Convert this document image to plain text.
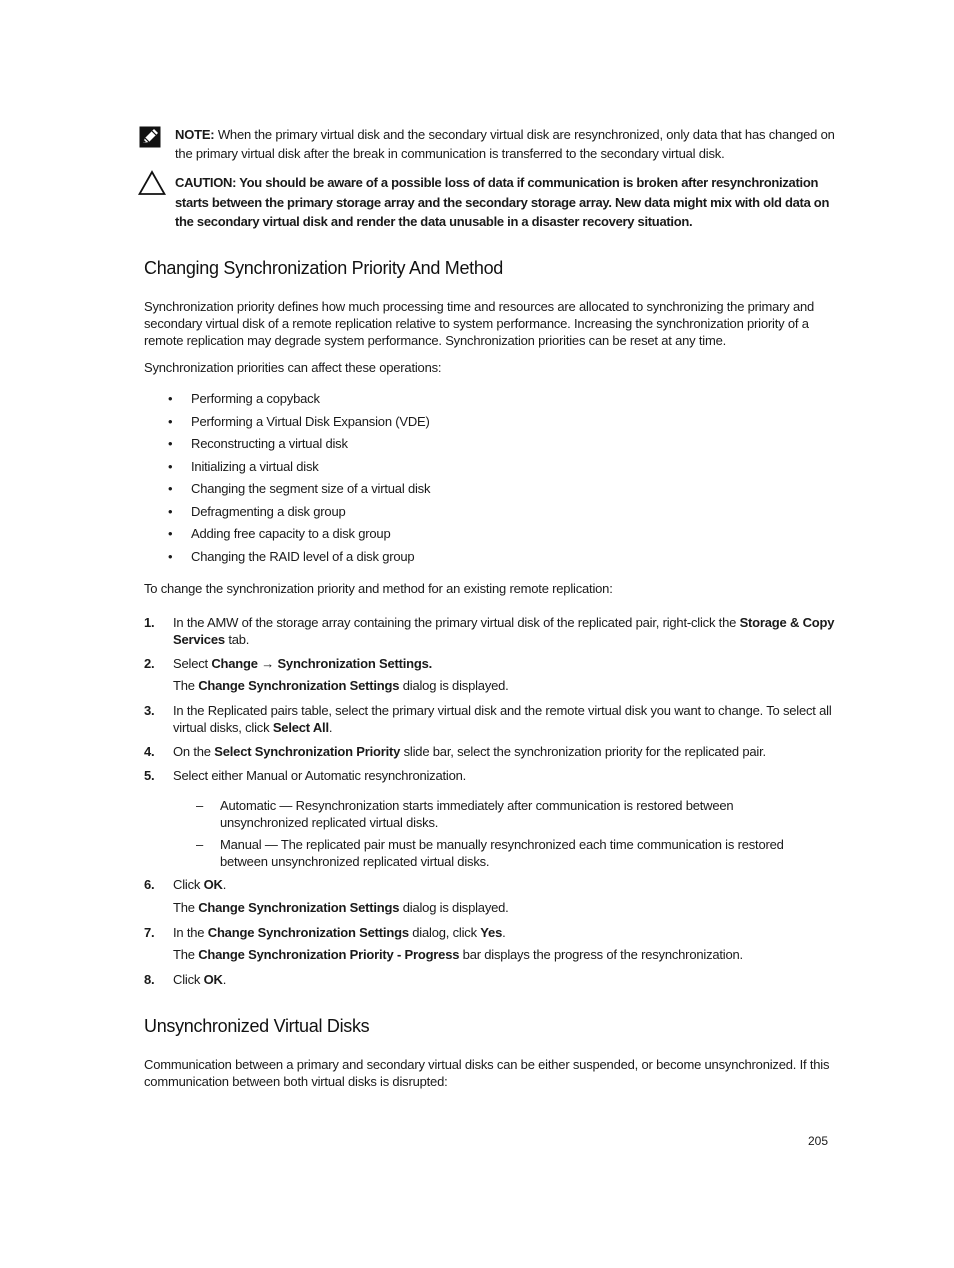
NOTE: When the primary virtual disk and the secondary virtual disk are resynchronized, only data that has changed on the primary virtual disk after the break in communication is transferred to the secondary virtual disk.
CAUTION: You should be aware of a possible loss of data if communication is broken after resynchronization starts between the primary storage array and the secondary storage array. New data might mix with old data on the secondary virtual disk and render the data unusable in a disaster recovery situation.
Changing Synchronization Priority And Method

Synchronization priority defines how much processing time and resources are allocated to synchronizing the primary and secondary virtual disk of a remote replication relative to system performance. Increasing the synchronization priority of a remote replication may degrade system performance. Synchronization priorities can be reset at any time.

Synchronization priorities can affect these operations:

• Performing a copyback
• Performing a Virtual Disk Expansion (VDE)
• Reconstructing a virtual disk
• Initializing a virtual disk
• Changing the segment size of a virtual disk
• Defragmenting a disk group
• Adding free capacity to a disk group
• Changing the RAID level of a disk group

To change the synchronization priority and method for an existing remote replication:

1. In the AMW of the storage array containing the primary virtual disk of the replicated pair, right-click the Storage & Copy Services tab.
2. Select Change → Synchronization Settings.
The Change Synchronization Settings dialog is displayed.
3. In the Replicated pairs table, select the primary virtual disk and the remote virtual disk you want to change. To select all virtual disks, click Select All.
4. On the Select Synchronization Priority slide bar, select the synchronization priority for the replicated pair.
5. Select either Manual or Automatic resynchronization.
– Automatic — Resynchronization starts immediately after communication is restored between unsynchronized replicated virtual disks.
– Manual — The replicated pair must be manually resynchronized each time communication is restored between unsynchronized replicated virtual disks.
6. Click OK.
The Change Synchronization Settings dialog is displayed.
7. In the Change Synchronization Settings dialog, click Yes.
The Change Synchronization Priority - Progress bar displays the progress of the resynchronization.
8. Click OK.
Unsynchronized Virtual Disks

Communication between a primary and secondary virtual disks can be either suspended, or become unsynchronized. If this communication between both virtual disks is disrupted:

205
